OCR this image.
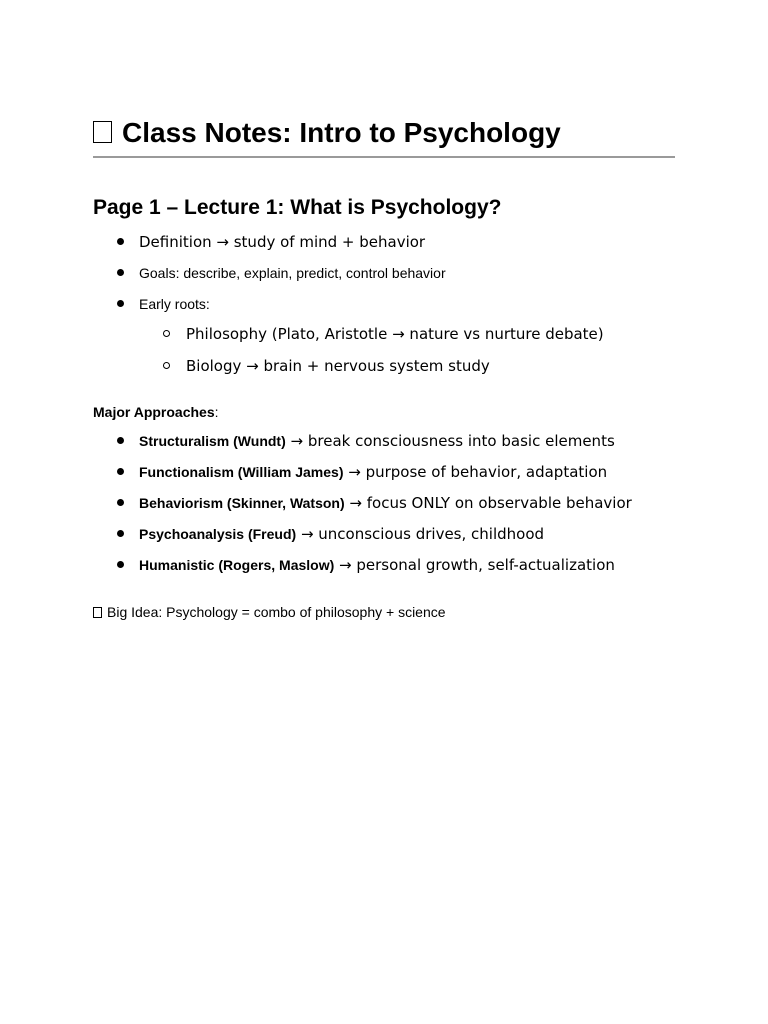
Class Notes: Intro to Psychology
Page 1 – Lecture 1: What is Psychology?
Definition → study of mind + behavior
Goals: describe, explain, predict, control behavior
Early roots:
Philosophy (Plato, Aristotle → nature vs nurture debate)
Biology → brain + nervous system study
Major Approaches:
Structuralism (Wundt) → break consciousness into basic elements
Functionalism (William James) → purpose of behavior, adaptation
Behaviorism (Skinner, Watson) → focus ONLY on observable behavior
Psychoanalysis (Freud) → unconscious drives, childhood
Humanistic (Rogers, Maslow) → personal growth, self-actualization
Big Idea: Psychology = combo of philosophy + science
